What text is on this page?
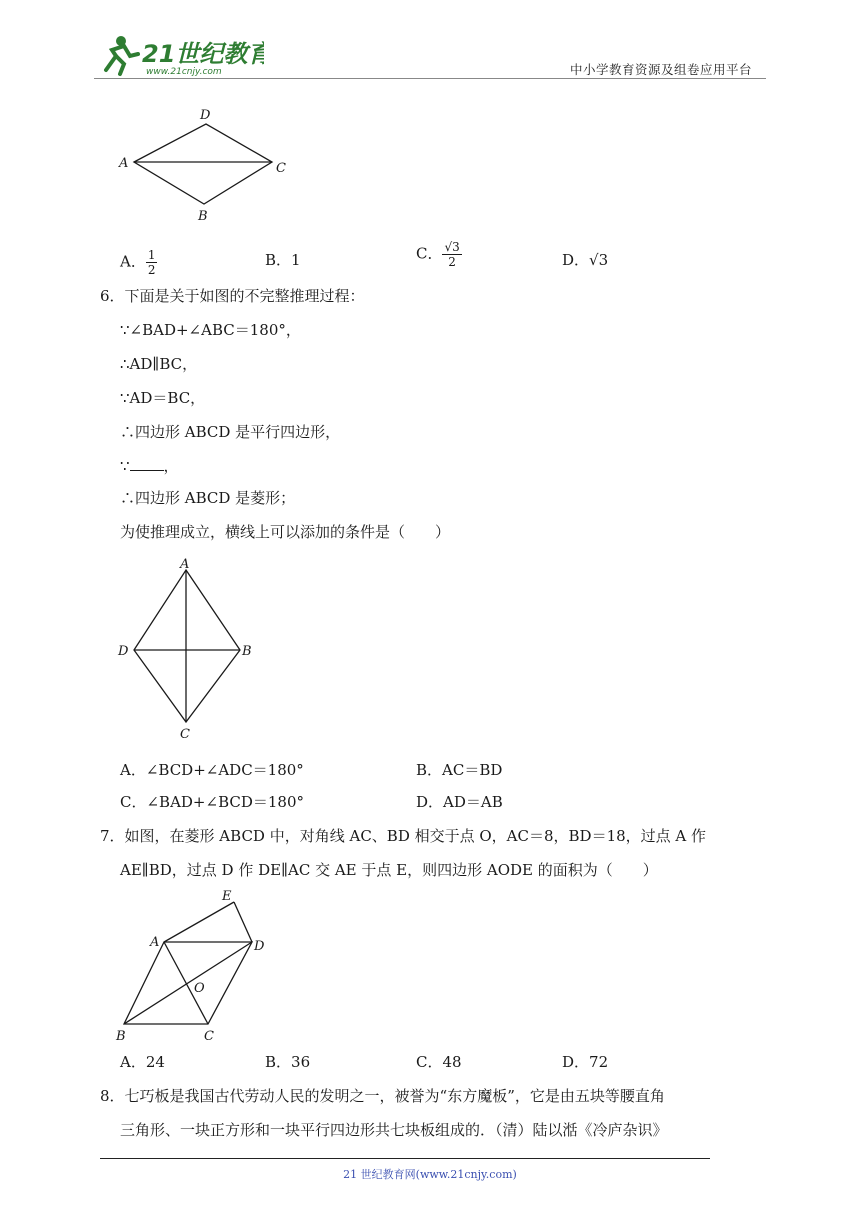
21世纪教育
www.21cnjy.com	中小学教育资源及组卷应用平台
D
A	C
B
A． $\frac{1}{2}$	B．1	C． $\frac{√3}{2}$	D．√3
6．下面是关于如图的不完整推理过程：
∵∠BAD+∠ABC＝180°，
∴AD∥BC，
∵AD＝BC，
∴四边形 ABCD 是平行四边形，
∵ ，
∴四边形 ABCD 是菱形；
为使推理成立，横线上可以添加的条件是（　　）
A
D	B
C
A．∠BCD+∠ADC＝180°	B．AC＝BD
C．∠BAD+∠BCD＝180°	D．AD＝AB
7．如图，在菱形 ABCD 中，对角线 AC、BD 相交于点 O，AC＝8，BD＝18，过点 A 作
AE∥BD，过点 D 作 DE∥AC 交 AE 于点 E，则四边形 AODE 的面积为（　　）
E
A	D
O
B	C
A．24	B．36	C．48	D．72
8．七巧板是我国古代劳动人民的发明之一，被誉为“东方魔板”，它是由五块等腰直角
三角形、一块正方形和一块平行四边形共七块板组成的．（清）陆以湉《冷庐杂识》
21 世纪教育网(www.21cnjy.com)
